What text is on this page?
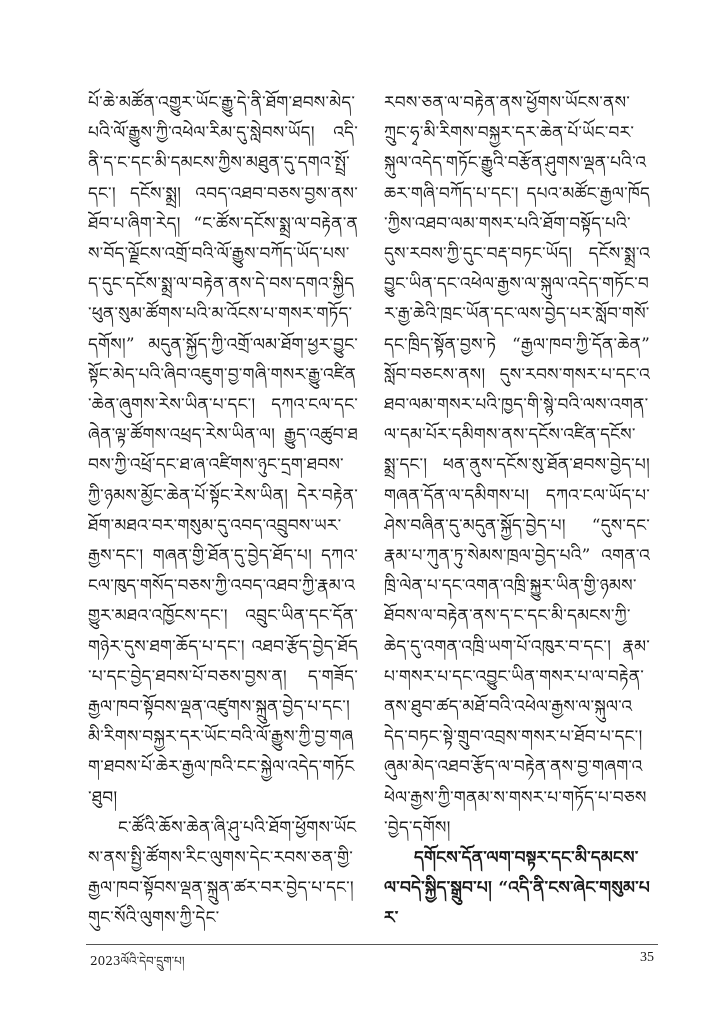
པོ་ཆེ་མཚོན་འགྱུར་ཡོང་རྒྱུ་དེ་ནི་ཐོག་ཐབས་མེད་པའི་ལོ་རྒྱུས་ཀྱི་འཕེལ་རིམ་དུ་སླེབས་ཡོད། འདི་ནི་ད་ང་དང་མི་དམངས་ཀྱིས་མཐུན་དུ་དགའ་སྤྲོ་དང་། དངོས་སྨྲ། འབད་འཐབ་བཅས་བྱས་ནས་ཐོབ་པ་ཞིག་རེད། “ང་ཚོས་དངོས་སྨྲ་ལ་བརྟེན་ནས་བོད་ལྗོངས་འགྲོ་བའི་ལོ་རྒྱུས་བཀོད་ཡོད་པས་ད་དུང་དངོས་སྨྲ་ལ་བརྟེན་ནས་དེ་བས་དགའ་སྐྱིད་ཕུན་སུམ་ཚོགས་པའི་མ་འོངས་པ་གསར་གཏོད་དགོས།” མདུན་སྐྱོད་ཀྱི་འགྲོ་ལམ་ཐོག་ཕྱར་བྱུང་སྟོང་མེད་པའི་ཞིབ་འཇུག་བྱ་གཞི་གསར་རྒྱུ་འཛིན་ཆེན་ཞུགས་རེས་ཡིན་པ་དང་། དཀའ་ངལ་དང་ཞེན་ལྟ་ཚོགས་འཕྲད་རེས་ཡིན་ལ། རྒྱུད་འཚུབ་ཐབས་ཀྱི་འཕྲོ་དང་ཐ་ཞ་འཛིགས་ཉུང་དྲག་ཐབས་ཀྱི་ཉམས་མྱོང་ཆེན་པོ་སྟོང་རེས་ཡིན། དེར་བརྟེན་ཐོག་མཐའ་བར་གསུམ་དུ་འབད་འབྲུབས་ཡར་རྒྱས་དང་། གཞན་གྱི་ཐོན་དུ་བྱེད་ཐོད་པ། དཀའ་ངལ་ཁུད་གསོད་བཅས་ཀྱི་འབད་འཐབ་ཀྱི་རྣམ་འགྱུར་མཐའ་འཁྱོངས་དང་། འབྲུང་ཡིན་དང་དོན་གཉེར་དུས་ཐག་ཆོད་པ་དང་། འཐབ་རྩོད་བྱེད་ཐོད་པ་དང་བྱེད་ཐབས་པོ་བཅས་བྱས་ན། ད་གཟོད་རྒྱལ་ཁབ་སྟོབས་ལྡན་འཛུགས་སྐྲུན་བྱེད་པ་དང་། མི་རིགས་བསྐྱར་དར་ཡོང་བའི་ལོ་རྒྱུས་ཀྱི་བྱ་གཞག་ཐབས་པོ་ཆེར་རྒྱལ་ཁའི་ངང་སྐྱེལ་འདེད་གཏོང་ཐུབ།

ང་ཚོའི་ཆོས་ཆེན་ཞི་ཤུ་པའི་ཐོག་ཕྱོགས་ཡོངས་ནས་སྤྱི་ཚོགས་རིང་ལུགས་དེང་རབས་ཅན་གྱི་རྒྱལ་ཁབ་སྟོབས་ལྡན་སྐྲུན་ཚར་བར་བྱེད་པ་དང་། གུང་སོའི་ལུགས་ཀྱི་དེང་

རབས་ཅན་ལ་བརྟེན་ནས་ཕྱོགས་ཡོངས་ནས་ཀྲུང་ཧྭ་མི་རིགས་བསྐྱར་དར་ཆེན་པོ་ཡོང་བར་སྐུལ་འདེད་གཏོང་རྒྱུའི་བརྩོན་ཤུགས་ལྡན་པའི་འཆར་གཞི་བཀོད་པ་དང་། དཔའ་མཚོང་རྒྱལ་ཁོད་ཀྱིས་འཐབ་ལམ་གསར་པའི་ཐོག་བསྟོད་པའི་དུས་རབས་ཀྱི་དུང་བརྡ་བཏང་ཡོད། དངོས་སྨྲ་འབྱུང་ཡིན་དང་འཕེལ་རྒྱས་ལ་སྐུལ་འདེད་གཏོང་བར་རྒྱ་ཆེའི་ཁྲང་ཡོན་དང་ལས་བྱེད་པར་སློབ་གསོ་དང་ཁྲིད་སྟོན་བྱས་ཏེ “རྒྱལ་ཁབ་ཀྱི་དོན་ཆེན” སློབ་བཅངས་ནས། དུས་རབས་གསར་པ་དང་འཐབ་ལམ་གསར་པའི་ཁྱད་གི་སྙེ་བའི་ལས་འགན་ལ་དམ་པོར་དམིགས་ནས་དངོས་འཛིན་དངོས་སྨྲ་དང་། ཕན་ནུས་དངོས་སུ་ཐོན་ཐབས་བྱེད་པ། གཞན་དོན་ལ་དམིགས་པ། དཀའ་ངལ་ཡོད་པ་ཤེས་བཞིན་དུ་མདུན་སྐྱོད་བྱེད་པ། “དུས་དང་རྣམ་པ་ཀུན་ཏུ་སེམས་ཁྲལ་བྱེད་པའི” འགན་འཁྲི་ལེན་པ་དང་འགན་འཁྲི་སྐྱུར་ཡིན་གྱི་ཉམས་ཐོབས་ལ་བརྟེན་ནས་ད་ང་དང་མི་དམངས་ཀྱི་ཆེད་དུ་འགན་འཁྲི་ཡག་པོ་འཁུར་བ་དང་། རྣམ་པ་གསར་པ་དང་འབྱུང་ཡིན་གསར་པ་ལ་བརྟེན་ནས་ཐུབ་ཚད་མཐོ་བའི་འཕེལ་རྒྱས་ལ་སྐུལ་འདེད་བཏང་སྟེ་གྲུབ་འབྲས་གསར་པ་ཐོབ་པ་དང་། ཞུམ་མེད་འཐབ་རྩོད་ལ་བརྟེན་ནས་བྱ་གཞག་འཕེལ་རྒྱས་ཀྱི་གནམ་ས་གསར་པ་གཏོད་པ་བཅས་བྱེད་དགོས།

དགོངས་དོན་ལག་བསྟར་དང་མི་དམངས་ལ་བདེ་སྐྱིད་སྒྲུབ་པ། “འདི་ནི་ངས་ཞེང་གསུམ་པར་

2023ལོའི་དེབ་དྲུག་པ།	35
